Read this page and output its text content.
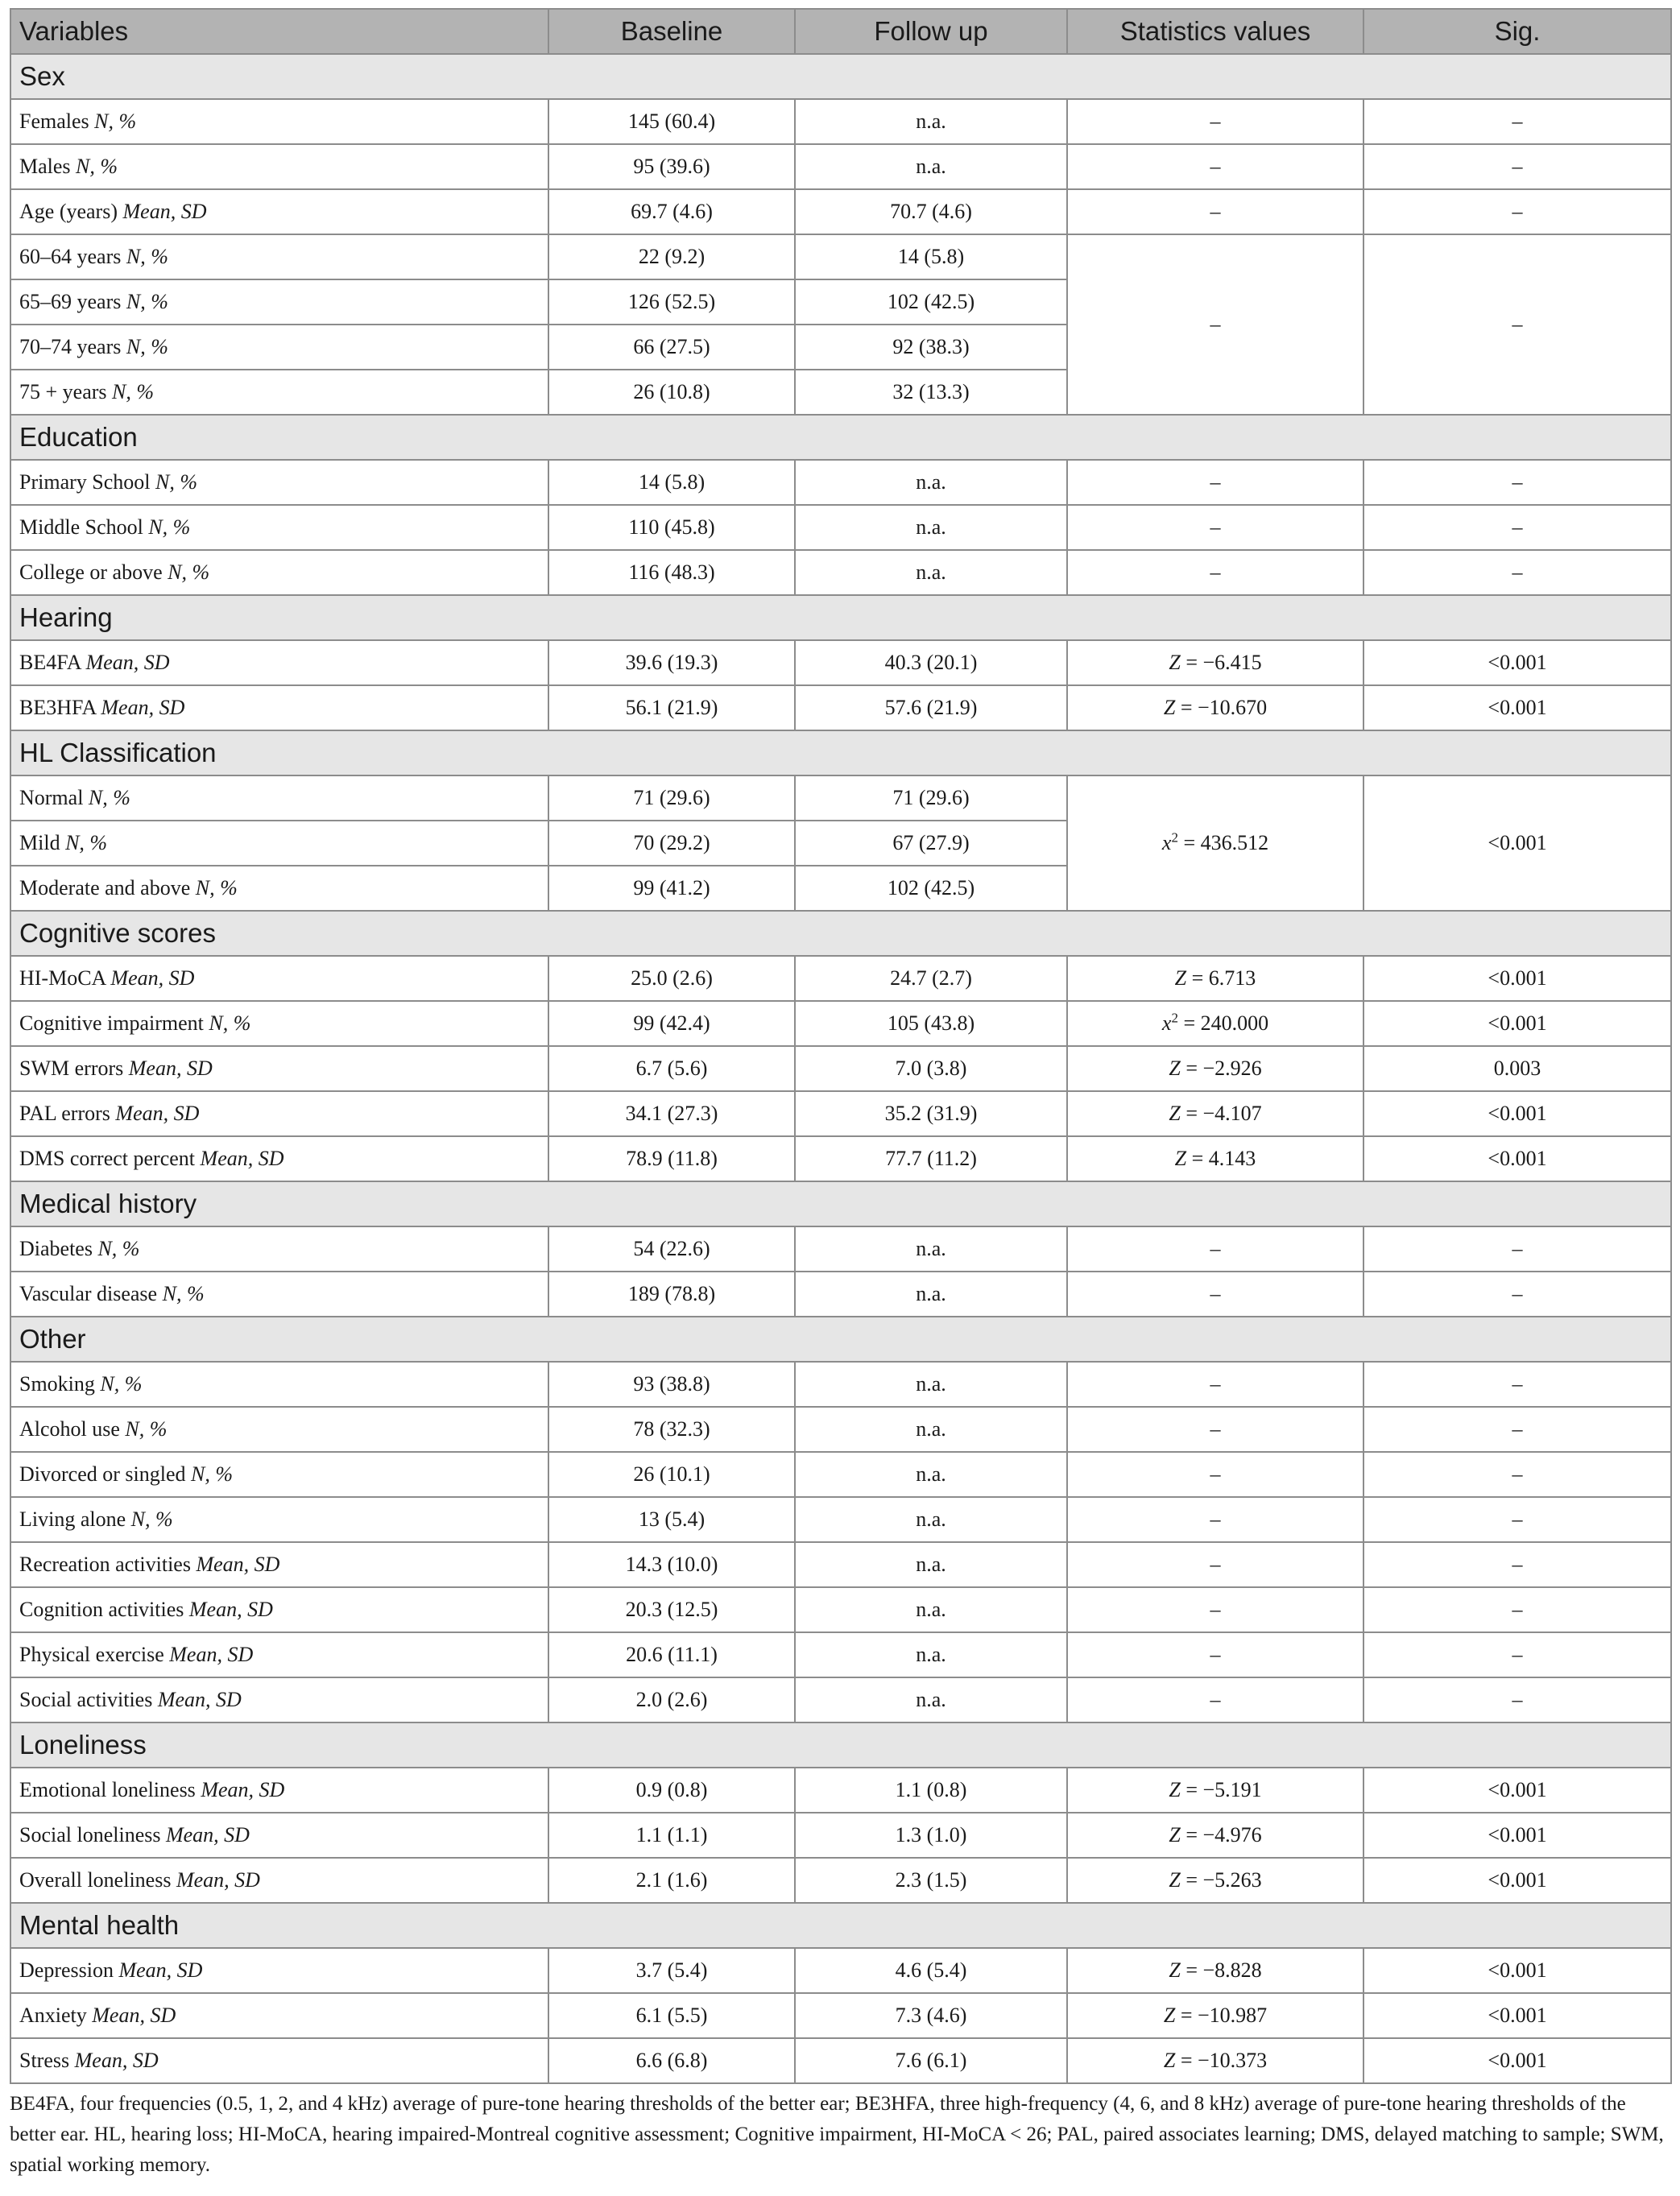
Variables	Baseline	Follow up	Statistics values	Sig.
Sex				
Females N, %	145 (60.4)	n.a.	–	–
Males N, %	95 (39.6)	n.a.	–	–
Age (years) Mean, SD	69.7 (4.6)	70.7 (4.6)	–	–
60–64 years N, %	22 (9.2)	14 (5.8)	–	–
65–69 years N, %	126 (52.5)	102 (42.5)		
70–74 years N, %	66 (27.5)	92 (38.3)		
75 + years N, %	26 (10.8)	32 (13.3)		
Education				
Primary School N, %	14 (5.8)	n.a.	–	–
Middle School N, %	110 (45.8)	n.a.	–	–
College or above N, %	116 (48.3)	n.a.	–	–
Hearing				
BE4FA Mean, SD	39.6 (19.3)	40.3 (20.1)	Z = −6.415	<0.001
BE3HFA Mean, SD	56.1 (21.9)	57.6 (21.9)	Z = −10.670	<0.001
HL Classification				
Normal N, %	71 (29.6)	71 (29.6)	$x^2 = 436.512$	<0.001
Mild N, %	70 (29.2)	67 (27.9)		
Moderate and above N, %	99 (41.2)	102 (42.5)		
Cognitive scores				
HI-MoCA Mean, SD	25.0 (2.6)	24.7 (2.7)	Z = 6.713	<0.001
Cognitive impairment N, %	99 (42.4)	105 (43.8)	$x^2 = 240.000$	<0.001
SWM errors Mean, SD	6.7 (5.6)	7.0 (3.8)	Z = −2.926	0.003
PAL errors Mean, SD	34.1 (27.3)	35.2 (31.9)	Z = −4.107	<0.001
DMS correct percent Mean, SD	78.9 (11.8)	77.7 (11.2)	Z = 4.143	<0.001
Medical history				
Diabetes N, %	54 (22.6)	n.a.	–	–
Vascular disease N, %	189 (78.8)	n.a.	–	–
Other				
Smoking N, %	93 (38.8)	n.a.	–	–
Alcohol use N, %	78 (32.3)	n.a.	–	–
Divorced or singled N, %	26 (10.1)	n.a.	–	–
Living alone N, %	13 (5.4)	n.a.	–	–
Recreation activities Mean, SD	14.3 (10.0)	n.a.	–	–
Cognition activities Mean, SD	20.3 (12.5)	n.a.	–	–
Physical exercise Mean, SD	20.6 (11.1)	n.a.	–	–
Social activities Mean, SD	2.0 (2.6)	n.a.	–	–
Loneliness				
Emotional loneliness Mean, SD	0.9 (0.8)	1.1 (0.8)	Z = −5.191	<0.001
Social loneliness Mean, SD	1.1 (1.1)	1.3 (1.0)	Z = −4.976	<0.001
Overall loneliness Mean, SD	2.1 (1.6)	2.3 (1.5)	Z = −5.263	<0.001
Mental health				
Depression Mean, SD	3.7 (5.4)	4.6 (5.4)	Z = −8.828	<0.001
Anxiety Mean, SD	6.1 (5.5)	7.3 (4.6)	Z = −10.987	<0.001
Stress Mean, SD	6.6 (6.8)	7.6 (6.1)	Z = −10.373	<0.001
BE4FA, four frequencies (0.5, 1, 2, and 4 kHz) average of pure-tone hearing thresholds of the better ear; BE3HFA, three high-frequency (4, 6, and 8 kHz) average of pure-tone hearing thresholds of the better ear. HL, hearing loss; HI-MoCA, hearing impaired-Montreal cognitive assessment; Cognitive impairment, HI-MoCA < 26; PAL, paired associates learning; DMS, delayed matching to sample; SWM, spatial working memory.
